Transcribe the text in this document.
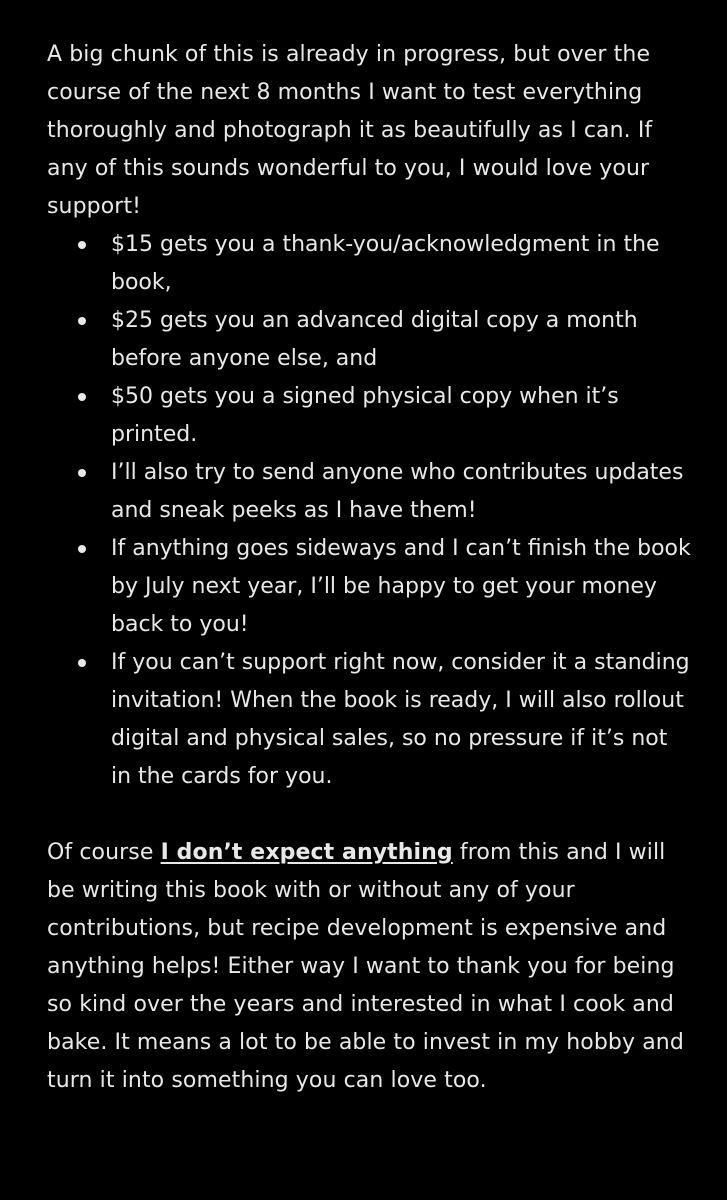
A big chunk of this is already in progress, but over the course of the next 8 months I want to test everything thoroughly and photograph it as beautifully as I can. If any of this sounds wonderful to you, I would love your support!

$15 gets you a thank-you/acknowledgment in the book,
$25 gets you an advanced digital copy a month before anyone else, and
$50 gets you a signed physical copy when it’s printed.
I’ll also try to send anyone who contributes updates and sneak peeks as I have them!
If anything goes sideways and I can’t finish the book by July next year, I’ll be happy to get your money back to you!
If you can’t support right now, consider it a standing invitation! When the book is ready, I will also rollout digital and physical sales, so no pressure if it’s not in the cards for you.

Of course I don’t expect anything from this and I will be writing this book with or without any of your contributions, but recipe development is expensive and anything helps! Either way I want to thank you for being so kind over the years and interested in what I cook and bake. It means a lot to be able to invest in my hobby and turn it into something you can love too.
